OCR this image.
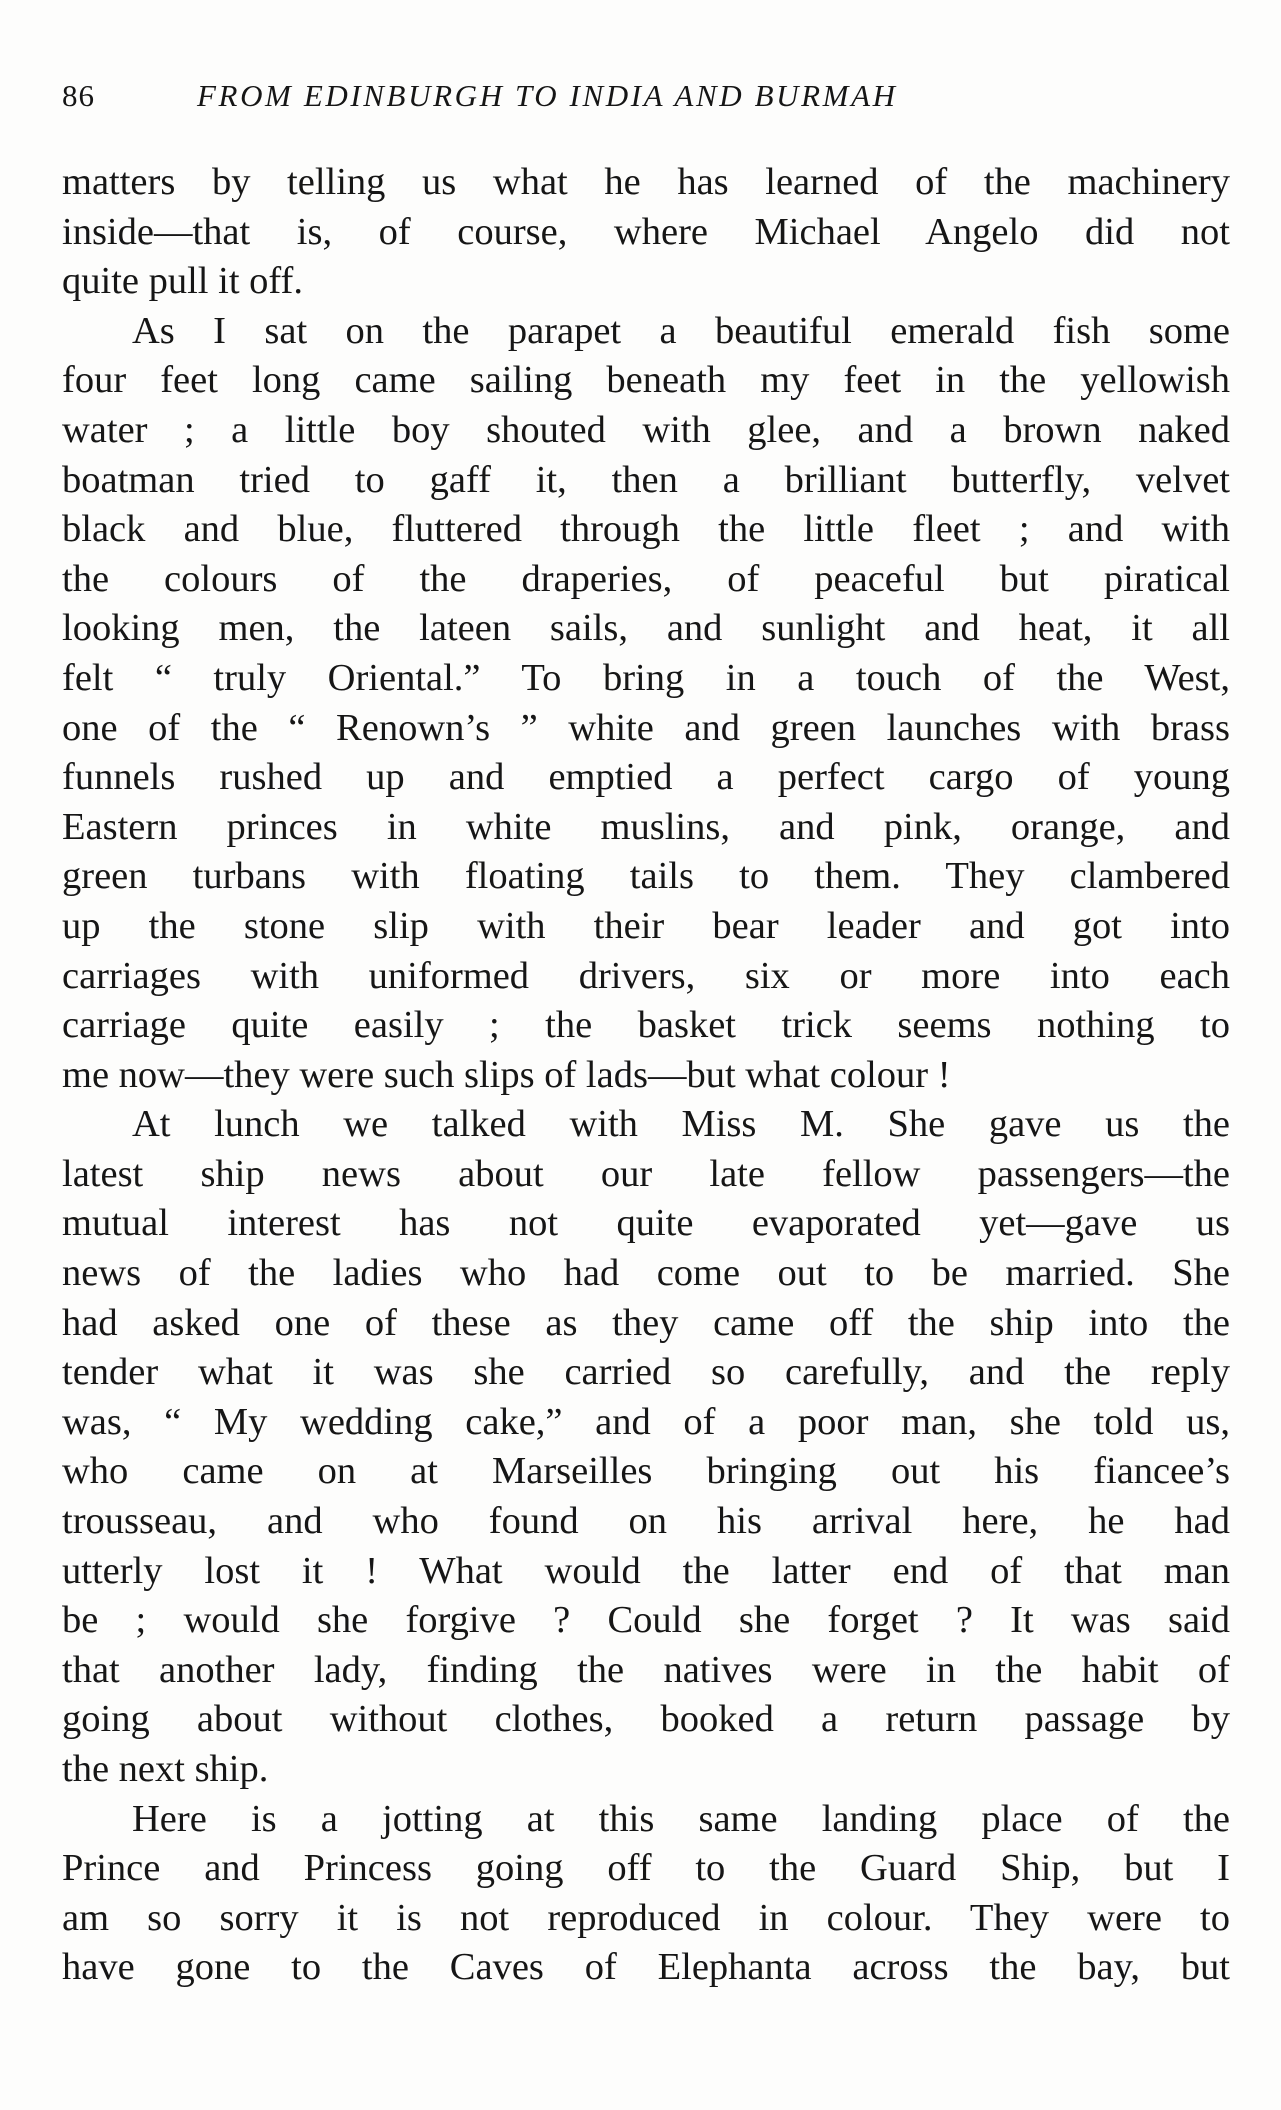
86	FROM EDINBURGH TO INDIA AND BURMAH
matters by telling us what he has learned of the machinery
inside—that is, of course, where Michael Angelo did not
quite pull it off.
As I sat on the parapet a beautiful emerald fish some
four feet long came sailing beneath my feet in the yellowish
water ; a little boy shouted with glee, and a brown naked
boatman tried to gaff it, then a brilliant butterfly, velvet
black and blue, fluttered through the little fleet ; and with
the colours of the draperies, of peaceful but piratical
looking men, the lateen sails, and sunlight and heat, it all
felt “ truly Oriental.” To bring in a touch of the West,
one of the “ Renown’s ” white and green launches with brass
funnels rushed up and emptied a perfect cargo of young
Eastern princes in white muslins, and pink, orange, and
green turbans with floating tails to them. They clambered
up the stone slip with their bear leader and got into
carriages with uniformed drivers, six or more into each
carriage quite easily ; the basket trick seems nothing to
me now—they were such slips of lads—but what colour !
At lunch we talked with Miss M. She gave us the
latest ship news about our late fellow passengers—the
mutual interest has not quite evaporated yet—gave us
news of the ladies who had come out to be married. She
had asked one of these as they came off the ship into the
tender what it was she carried so carefully, and the reply
was, “ My wedding cake,” and of a poor man, she told us,
who came on at Marseilles bringing out his fiancee’s
trousseau, and who found on his arrival here, he had
utterly lost it ! What would the latter end of that man
be ; would she forgive ? Could she forget ? It was said
that another lady, finding the natives were in the habit of
going about without clothes, booked a return passage by
the next ship.
Here is a jotting at this same landing place of the
Prince and Princess going off to the Guard Ship, but I
am so sorry it is not reproduced in colour. They were to
have gone to the Caves of Elephanta across the bay, but
